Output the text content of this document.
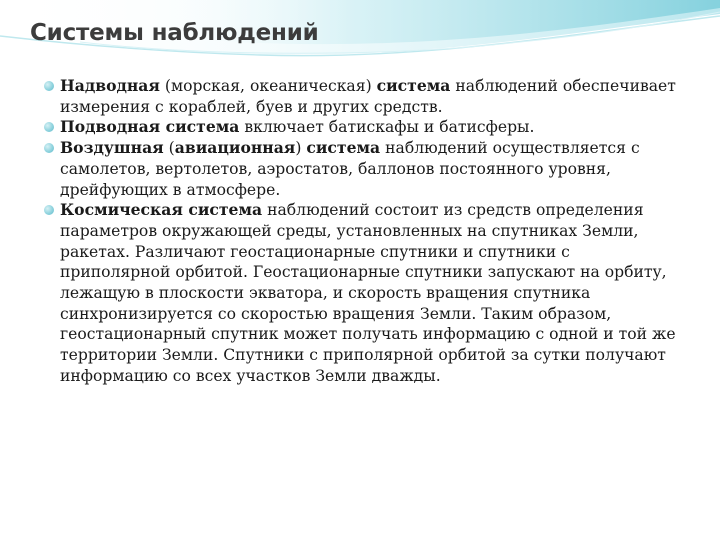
Системы наблюдений
Надводная (морская, океаническая) система наблюдений обеспечивает измерения с кораблей, буев и других средств.
Подводная система включает батискафы и батисферы.
Воздушная (авиационная) система наблюдений осуществляется с самолетов, вертолетов, аэростатов, баллонов постоянного уровня, дрейфующих в атмосфере.
Космическая система наблюдений состоит из средств определения параметров окружающей среды, установленных на спутниках Земли, ракетах. Различают геостационарные спутники и спутники с приполярной орбитой. Геостационарные спутники запускают на орбиту, лежащую в плоскости экватора, и скорость вращения спутника синхронизируется со скоростью вращения Земли. Таким образом, геостационарный спутник может получать информацию с одной и той же территории Земли. Спутники с приполярной орбитой за сутки получают информацию со всех участков Земли дважды.
